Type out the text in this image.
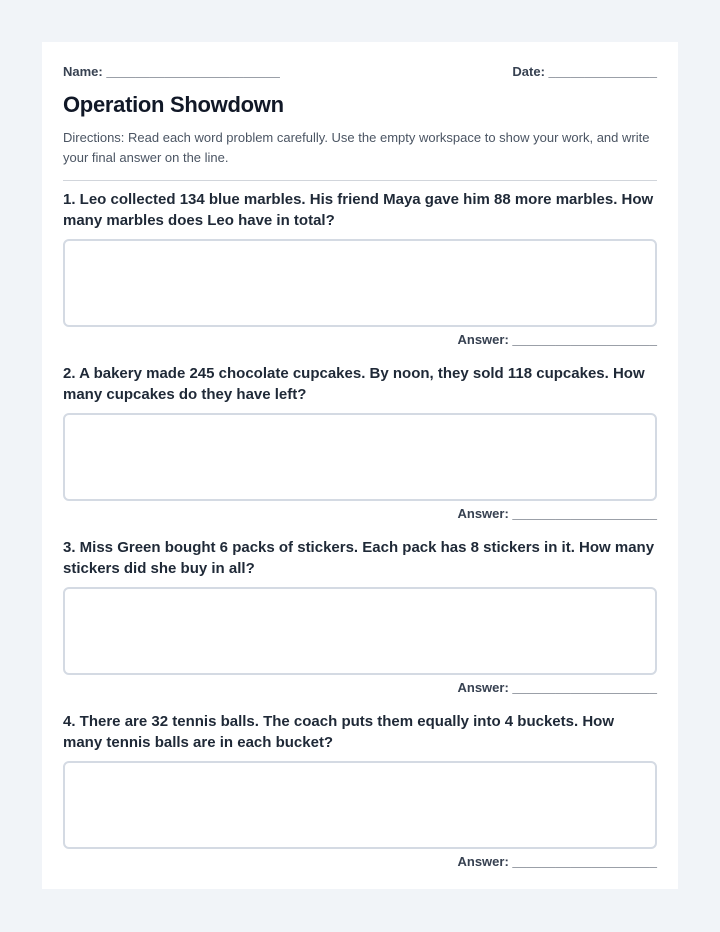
Name: ________________________	Date: _______________
Operation Showdown
Directions: Read each word problem carefully. Use the empty workspace to show your work, and write your final answer on the line.
1. Leo collected 134 blue marbles. His friend Maya gave him 88 more marbles. How many marbles does Leo have in total?
Answer: ____________________
2. A bakery made 245 chocolate cupcakes. By noon, they sold 118 cupcakes. How many cupcakes do they have left?
Answer: ____________________
3. Miss Green bought 6 packs of stickers. Each pack has 8 stickers in it. How many stickers did she buy in all?
Answer: ____________________
4. There are 32 tennis balls. The coach puts them equally into 4 buckets. How many tennis balls are in each bucket?
Answer: ____________________
